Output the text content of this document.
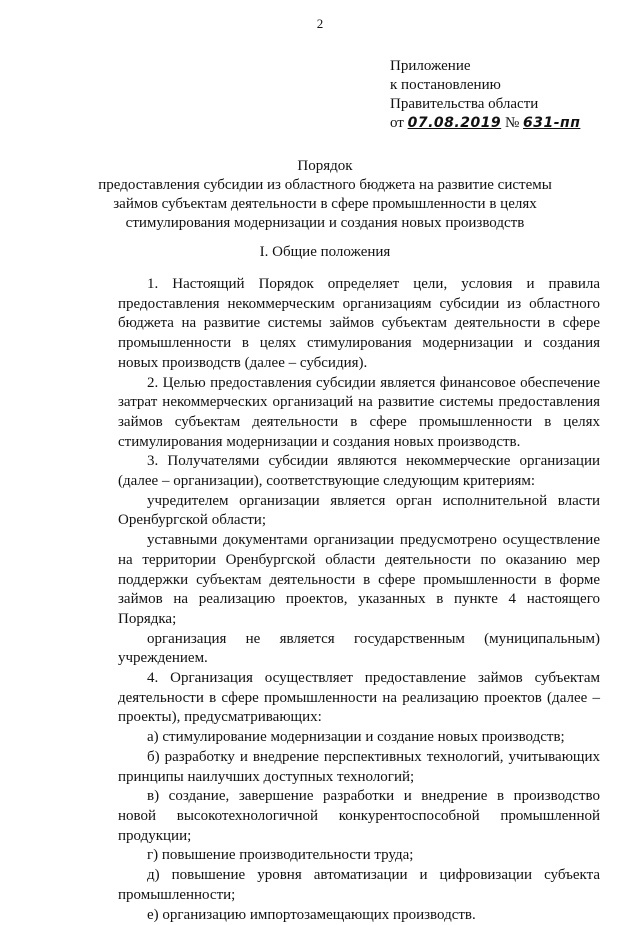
2
Приложение
к постановлению
Правительства области
от 07.08.2019 № 631-пп
Порядок
предоставления субсидии из областного бюджета на развитие системы
займов субъектам деятельности в сфере промышленности в целях
стимулирования модернизации и создания новых производств
I. Общие положения

1. Настоящий Порядок определяет цели, условия и правила предоставления некоммерческим организациям субсидии из областного бюджета на развитие системы займов субъектам деятельности в сфере промышленности в целях стимулирования модернизации и создания новых производств (далее – субсидия).

2. Целью предоставления субсидии является финансовое обеспечение затрат некоммерческих организаций на развитие системы предоставления займов субъектам деятельности в сфере промышленности в целях стимулирования модернизации и создания новых производств.

3. Получателями субсидии являются некоммерческие организации (далее – организации), соответствующие следующим критериям:

учредителем организации является орган исполнительной власти Оренбургской области;

уставными документами организации предусмотрено осуществление на территории Оренбургской области деятельности по оказанию мер поддержки субъектам деятельности в сфере промышленности в форме займов на реализацию проектов, указанных в пункте 4 настоящего Порядка;

организация не является государственным (муниципальным) учреждением.

4. Организация осуществляет предоставление займов субъектам деятельности в сфере промышленности на реализацию проектов (далее – проекты), предусматривающих:

а) стимулирование модернизации и создание новых производств;

б) разработку и внедрение перспективных технологий, учитывающих принципы наилучших доступных технологий;

в) создание, завершение разработки и внедрение в производство новой высокотехнологичной конкурентоспособной промышленной продукции;

г) повышение производительности труда;

д) повышение уровня автоматизации и цифровизации субъекта промышленности;

е) организацию импортозамещающих производств.
